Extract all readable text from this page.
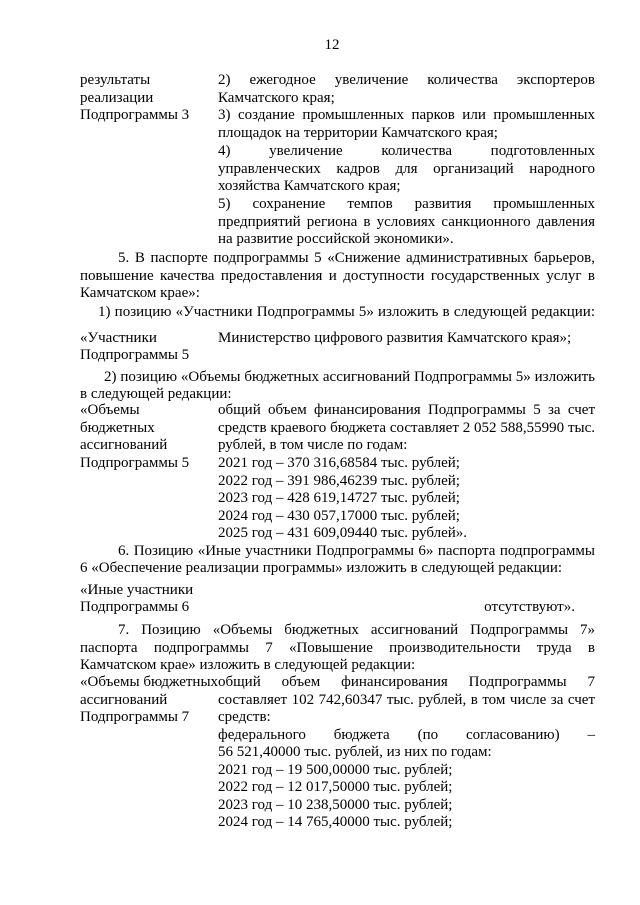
12
результаты
реализации
Подпрограммы 3
2) ежегодное увеличение количества экспортеров
Камчатского края;
3) создание промышленных парков или промышленных
площадок на территории Камчатского края;
4) увеличение количества подготовленных
управленческих кадров для организаций народного
хозяйства Камчатского края;
5) сохранение темпов развития промышленных
предприятий региона в условиях санкционного давления
на развитие российской экономики».
5. В паспорте подпрограммы 5 «Снижение административных барьеров,
повышение качества предоставления и доступности государственных услуг в
Камчатском крае»:
1) позицию «Участники Подпрограммы 5» изложить в следующей редакции:
«Участники
Подпрограммы 5
Министерство цифрового развития Камчатского края»;
2) позицию «Объемы бюджетных ассигнований Подпрограммы 5» изложить
в следующей редакции:
«Объемы
бюджетных
ассигнований
Подпрограммы 5
общий объем финансирования Подпрограммы 5 за счет
средств краевого бюджета составляет 2 052 588,55990 тыс.
рублей, в том числе по годам:
2021 год – 370 316,68584 тыс. рублей;
2022 год – 391 986,46239 тыс. рублей;
2023 год – 428 619,14727 тыс. рублей;
2024 год – 430 057,17000 тыс. рублей;
2025 год – 431 609,09440 тыс. рублей».
6. Позицию «Иные участники Подпрограммы 6» паспорта подпрограммы
6 «Обеспечение реализации программы» изложить в следующей редакции:
«Иные участники
Подпрограммы 6	отсутствуют».
7. Позицию «Объемы бюджетных ассигнований Подпрограммы 7»
паспорта подпрограммы 7 «Повышение производительности труда в
Камчатском крае» изложить в следующей редакции:
«Объемы бюджетных
ассигнований
Подпрограммы 7
общий объем финансирования Подпрограммы 7
составляет 102 742,60347 тыс. рублей, в том числе за счет
средств:
федерального бюджета (по согласованию) –
56 521,40000 тыс. рублей, из них по годам:
2021 год – 19 500,00000 тыс. рублей;
2022 год – 12 017,50000 тыс. рублей;
2023 год – 10 238,50000 тыс. рублей;
2024 год – 14 765,40000 тыс. рублей;
